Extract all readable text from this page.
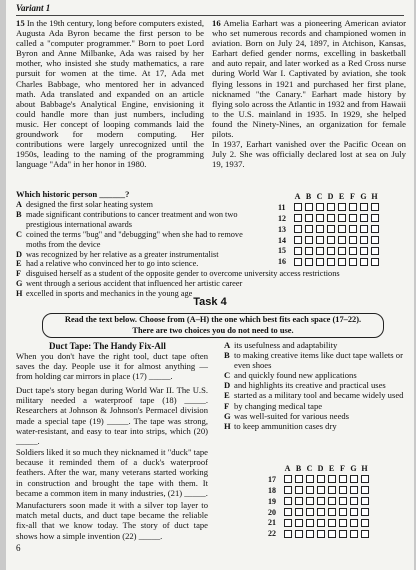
Variant 1
15 In the 19th century, long before computers existed, Augusta Ada Byron became the first person to be called a "computer programmer." Born to poet Lord Byron and Anne Milbanke, Ada was raised by her mother, who insisted she study mathematics, a rare pursuit for women at the time. At 17, Ada met Charles Babbage, who mentored her in advanced math. Ada translated and expanded on an article about Babbage's Analytical Engine, envisioning it could handle more than just numbers, including music. Her concept of looping commands laid the groundwork for modern computing. Her contributions were largely unrecognized until the 1950s, leading to the naming of the programming language "Ada" in her honor in 1980.
16 Amelia Earhart was a pioneering American aviator who set numerous records and championed women in aviation. Born on July 24, 1897, in Atchison, Kansas, Earhart defied gender norms, excelling in basketball and auto repair, and later worked as a Red Cross nurse during World War I. Captivated by aviation, she took flying lessons in 1921 and purchased her first plane, nicknamed "the Canary." Earhart made history by flying solo across the Atlantic in 1932 and from Hawaii to the U.S. mainland in 1935. In 1929, she helped found the Ninety-Nines, an organization for female pilots.
In 1937, Earhart vanished over the Pacific Ocean on July 2. She was officially declared lost at sea on July 19, 1937.
Which historic person ______?
A designed the first solar heating system
B made significant contributions to cancer treatment and won two prestigious international awards
C coined the terms "bug" and "debugging" when she had to remove moths from the device
D was recognized by her relative as a greater instrumentalist
E had a relative who convinced her to go into science.
F disguised herself as a student of the opposite gender to overcome university access restrictions
G went through a serious accident that influenced her artistic career
H excelled in sports and mechanics in the young age
A B C D E F G H
11
12
13
14
15
16
Task 4
Read the text below. Choose from (A–H) the one which best fits each space (17–22).
There are two choices you do not need to use.
Duct Tape: The Handy Fix-All
When you don't have the right tool, duct tape often saves the day. People use it for almost anything — from holding car mirrors in place (17) _____.
Duct tape's story began during World War II. The U.S. military needed a waterproof tape (18) _____. Researchers at Johnson & Johnson's Permacel division made a special tape (19) _____. The tape was strong, water-resistant, and easy to tear into strips, which (20) _____.
Soldiers liked it so much they nicknamed it "duck" tape because it reminded them of a duck's waterproof feathers. After the war, many veterans started working in construction and brought the tape with them. It became a common item in many industries, (21) _____.
Manufacturers soon made it with a silver top layer to match metal ducts, and duct tape became the reliable fix-all that we know today. The story of duct tape shows how a simple invention (22) _____.
A its usefulness and adaptability
B to making creative items like duct tape wallets or even shoes
C and quickly found new applications
D and highlights its creative and practical uses
E started as a military tool and became widely used
F by changing medical tape
G was well-suited for various needs
H to keep ammunition cases dry
A B C D E F G H
17
18
19
20
21
22
6
